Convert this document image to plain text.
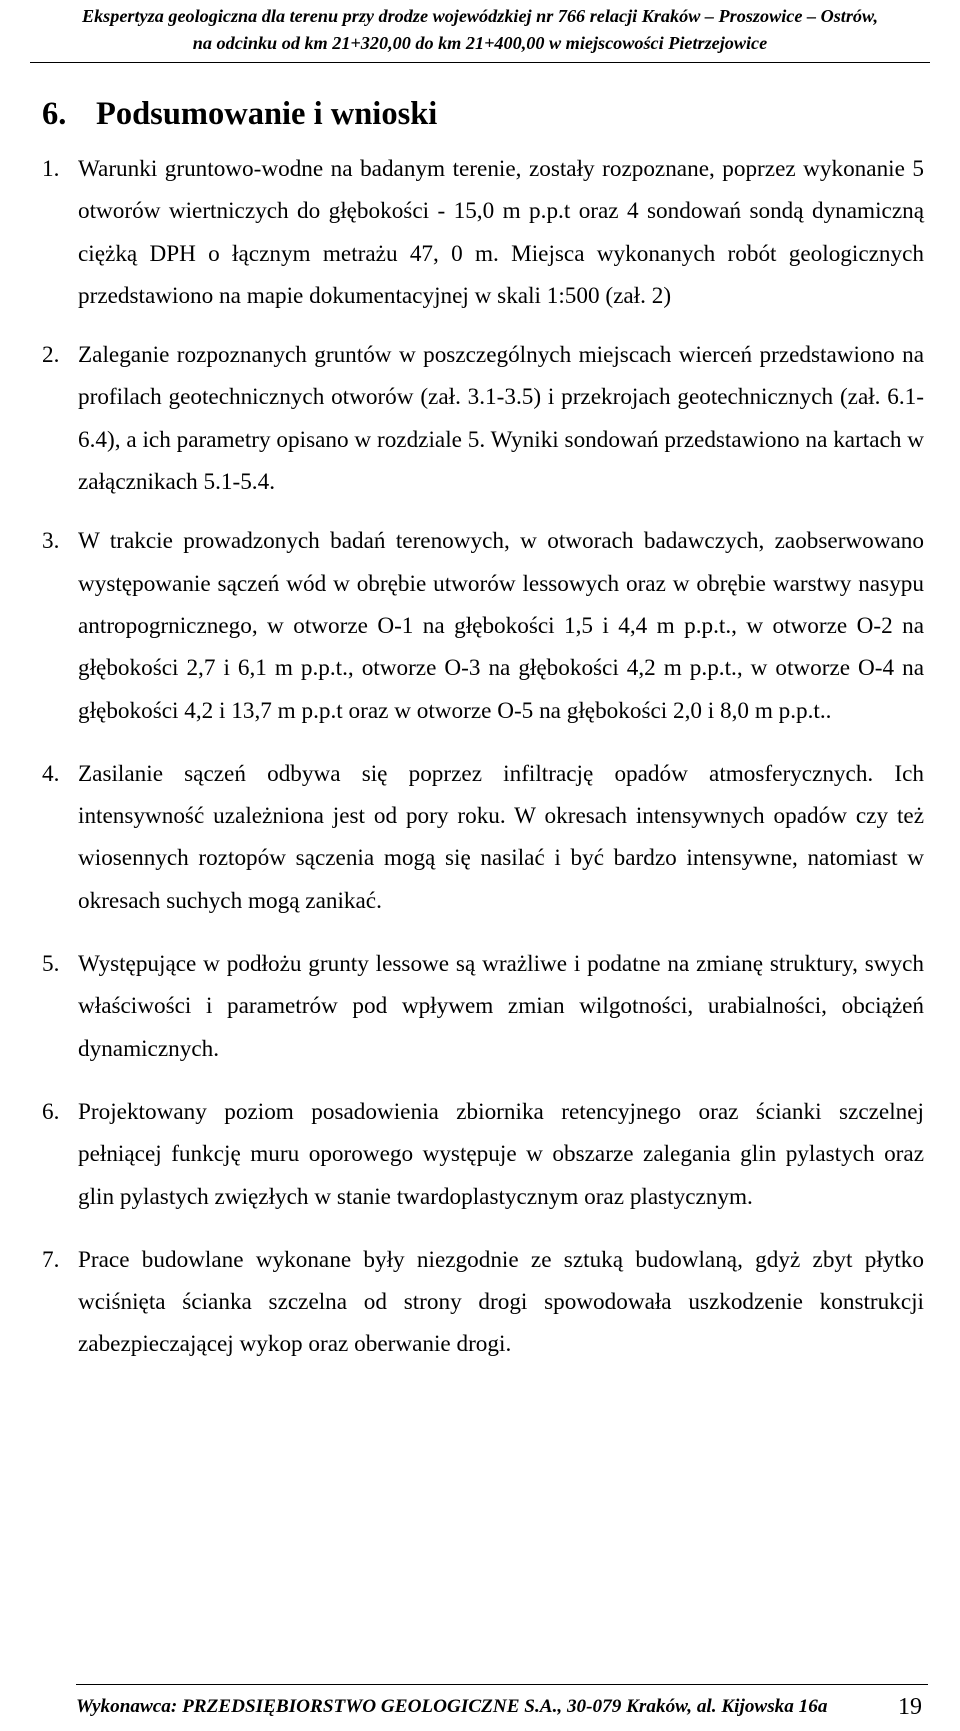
Ekspertyza geologiczna dla terenu przy drodze wojewódzkiej nr 766 relacji Kraków – Proszowice – Ostrów,
na odcinku od km 21+320,00 do km 21+400,00 w miejscowości Pietrzejowice
6. Podsumowanie i wnioski
1. Warunki gruntowo-wodne na badanym terenie, zostały rozpoznane, poprzez wykonanie 5 otworów wiertniczych do głębokości - 15,0 m p.p.t oraz 4 sondowań sondą dynamiczną ciężką DPH o łącznym metrażu 47, 0 m. Miejsca wykonanych robót geologicznych przedstawiono na mapie dokumentacyjnej w skali 1:500 (zał. 2)
2. Zaleganie rozpoznanych gruntów w poszczególnych miejscach wierceń przedstawiono na profilach geotechnicznych otworów (zał. 3.1-3.5) i przekrojach geotechnicznych (zał. 6.1-6.4), a ich parametry opisano w rozdziale 5. Wyniki sondowań przedstawiono na kartach w załącznikach 5.1-5.4.
3. W trakcie prowadzonych badań terenowych, w otworach badawczych, zaobserwowano występowanie sączeń wód w obrębie utworów lessowych oraz w obrębie warstwy nasypu antropogrnicznego, w otworze O-1 na głębokości 1,5 i 4,4 m p.p.t., w otworze O-2 na głębokości 2,7 i 6,1 m p.p.t., otworze O-3 na głębokości 4,2 m p.p.t., w otworze O-4 na głębokości 4,2 i 13,7 m p.p.t oraz w otworze O-5 na głębokości 2,0 i 8,0 m p.p.t..
4. Zasilanie sączeń odbywa się poprzez infiltrację opadów atmosferycznych. Ich intensywność uzależniona jest od pory roku. W okresach intensywnych opadów czy też wiosennych roztopów sączenia mogą się nasilać i być bardzo intensywne, natomiast w okresach suchych mogą zanikać.
5. Występujące w podłożu grunty lessowe są wrażliwe i podatne na zmianę struktury, swych właściwości i parametrów pod wpływem zmian wilgotności, urabialności, obciążeń dynamicznych.
6. Projektowany poziom posadowienia zbiornika retencyjnego oraz ścianki szczelnej pełniącej funkcję muru oporowego występuje w obszarze zalegania glin pylastych oraz glin pylastych zwięzłych w stanie twardoplastycznym oraz plastycznym.
7. Prace budowlane wykonane były niezgodnie ze sztuką budowlaną, gdyż zbyt płytko wciśnięta ścianka szczelna od strony drogi spowodowała uszkodzenie konstrukcji zabezpieczającej wykop oraz oberwanie drogi.
Wykonawca: PRZEDSIĘBIORSTWO GEOLOGICZNE S.A., 30-079 Kraków, al. Kijowska 16a	19
